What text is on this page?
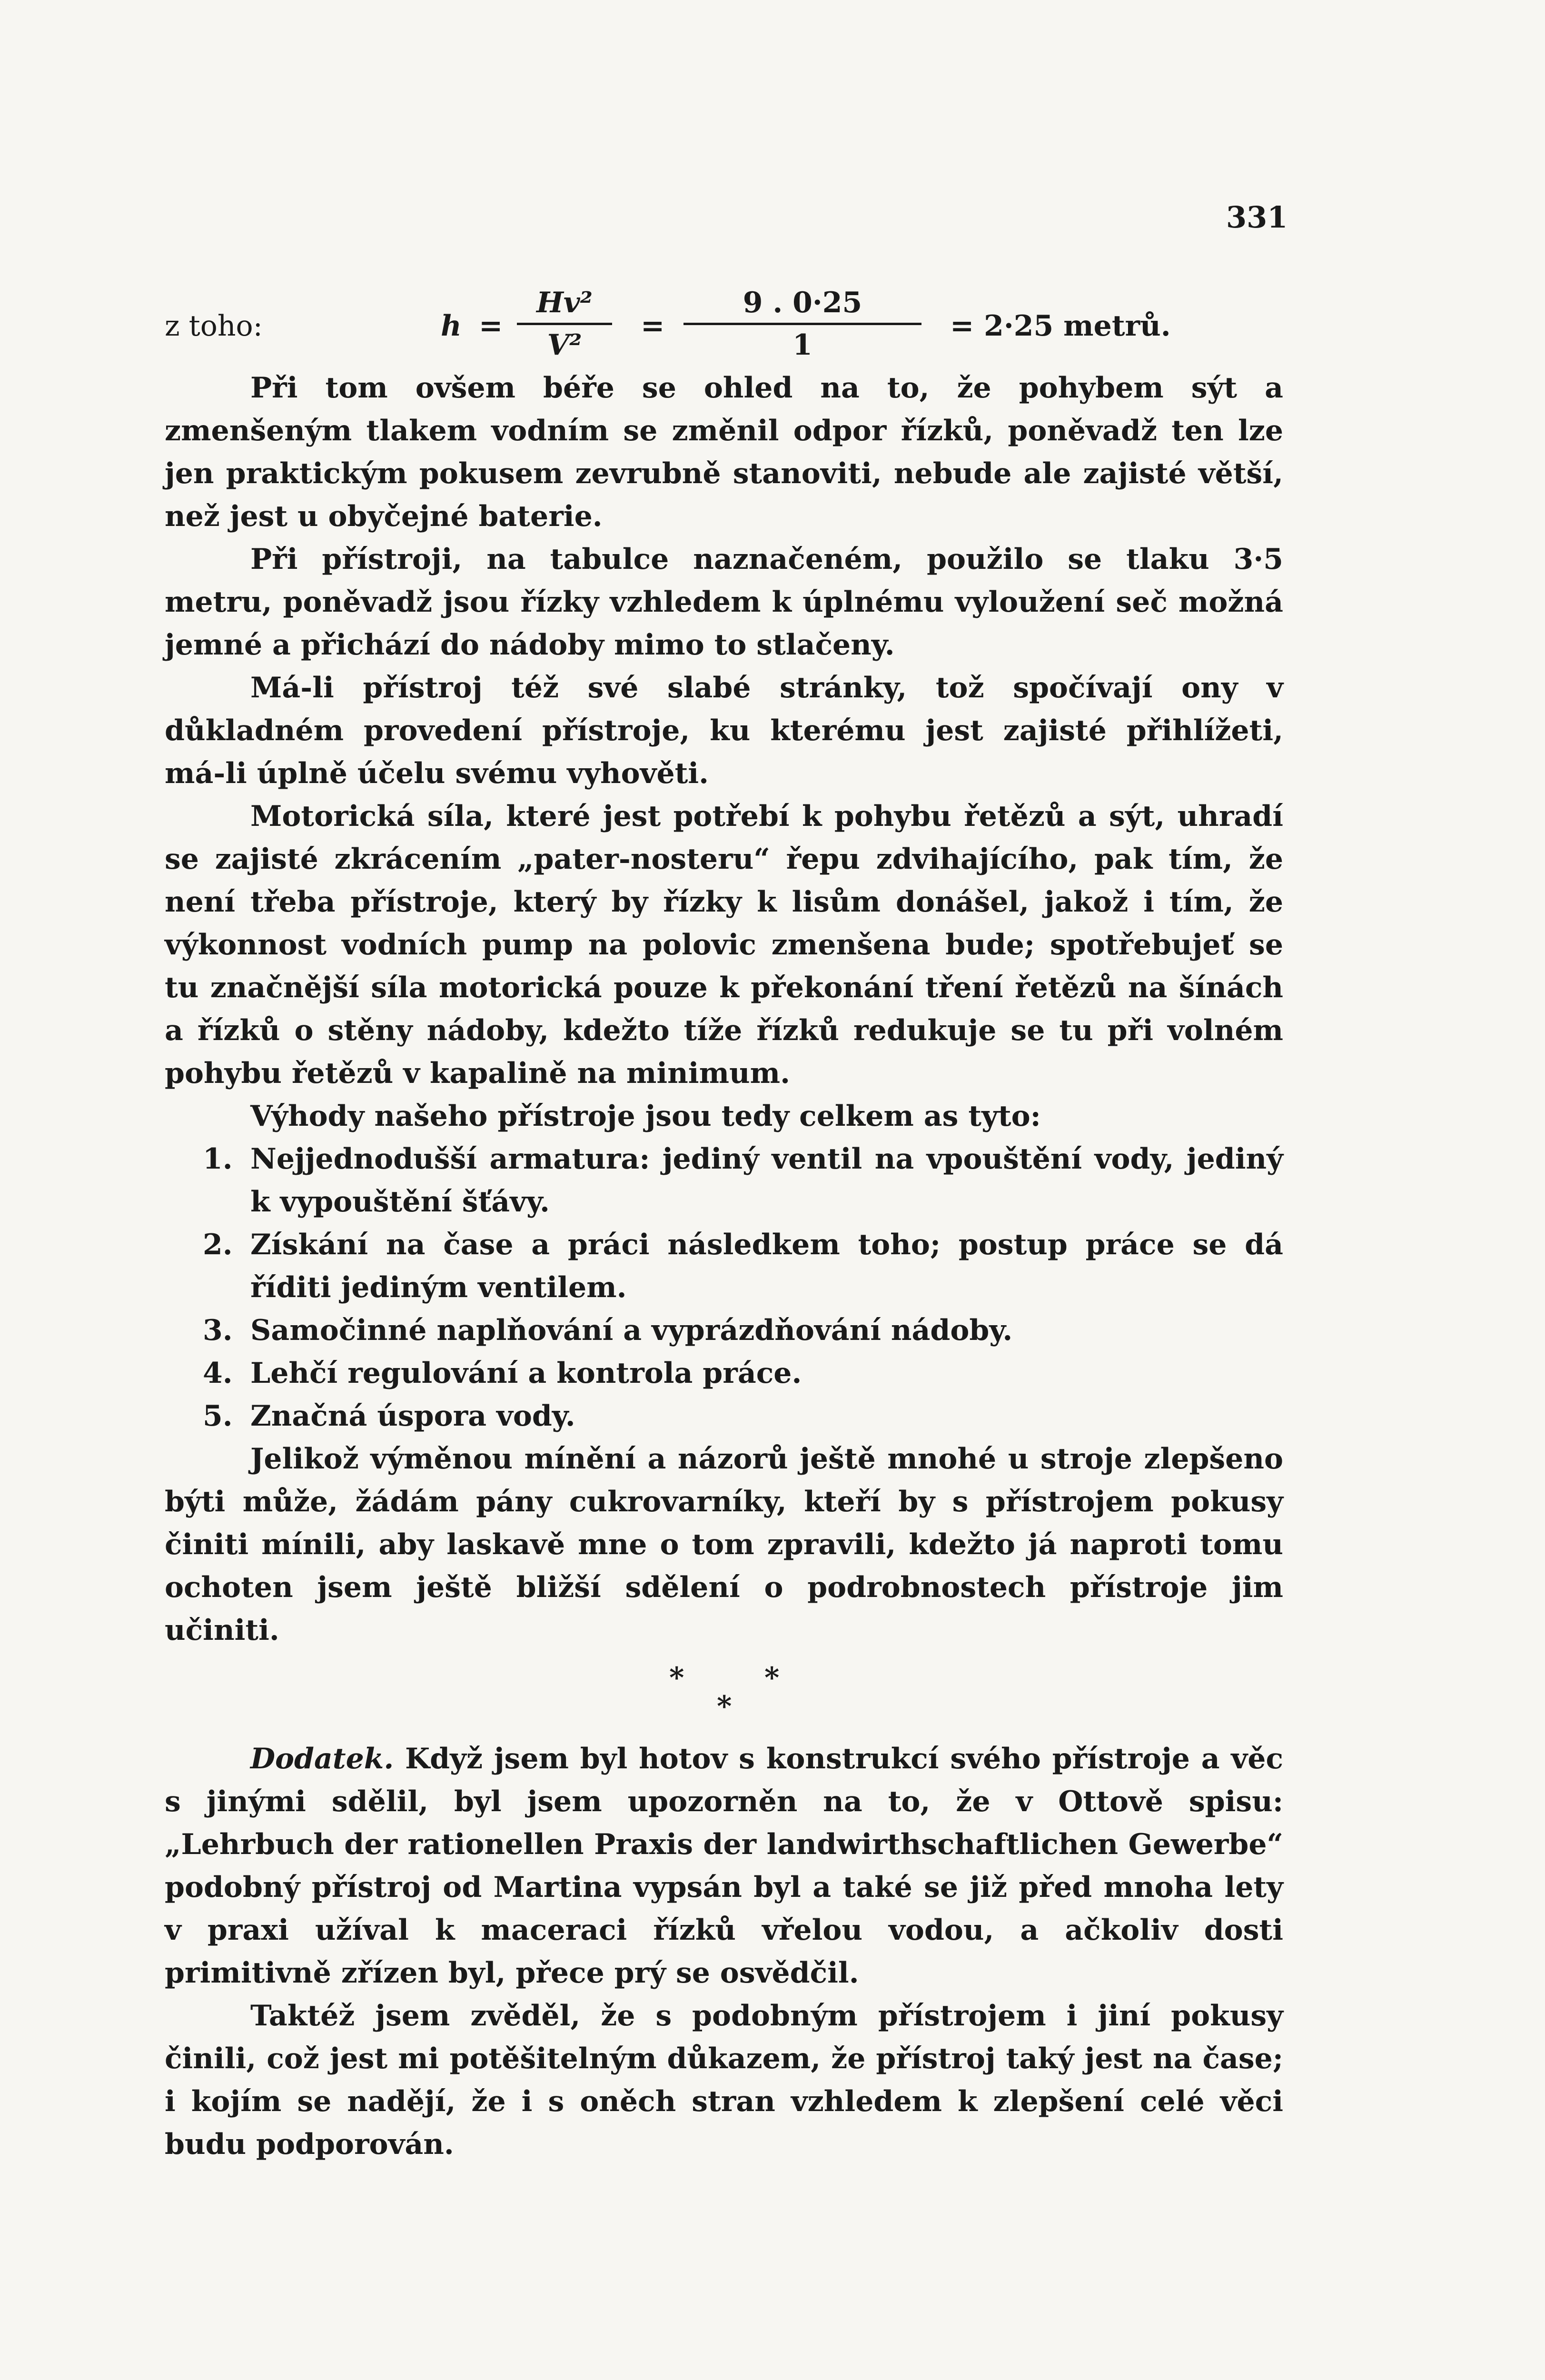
331
z toho:	h =
Hv²
V²
=
9 . 0·25
1
= 2·25 metrů.

Při tom ovšem béře se ohled na to, že pohybem sýt a zmenšeným tlakem vodním se změnil odpor řízků, poněvadž ten lze jen praktickým pokusem zevrubně stanoviti, nebude ale zajisté větší, než jest u obyčejné baterie.

Při přístroji, na tabulce naznačeném, použilo se tlaku 3·5 metru, poněvadž jsou řízky vzhledem k úplnému vyloužení seč možná jemné a přichází do nádoby mimo to stlačeny.

Má-li přístroj též své slabé stránky, tož spočívají ony v důkladném provedení přístroje, ku kterému jest zajisté přihlížeti, má-li úplně účelu svému vyhověti.

Motorická síla, které jest potřebí k pohybu řetězů a sýt, uhradí se zajisté zkrácením „pater-nosteru“ řepu zdvihajícího, pak tím, že není třeba přístroje, který by řízky k lisům donášel, jakož i tím, že výkonnost vodních pump na polovic zmenšena bude; spotřebujeť se tu značnější síla motorická pouze k překonání tření řetězů na šínách a řízků o stěny nádoby, kdežto tíže řízků redukuje se tu při volném pohybu řetězů v kapalině na minimum.

Výhody našeho přístroje jsou tedy celkem as tyto:

1. Nejjednodušší armatura: jediný ventil na vpouštění vody, jediný k vypouštění šťávy.
2. Získání na čase a práci následkem toho; postup práce se dá říditi jediným ventilem.
3. Samočinné naplňování a vyprázdňování nádoby.
4. Lehčí regulování a kontrola práce.
5. Značná úspora vody.

Jelikož výměnou mínění a názorů ještě mnohé u stroje zlepšeno býti může, žádám pány cukrovarníky, kteří by s přístrojem pokusy činiti mínili, aby laskavě mne o tom zpravili, kdežto já naproti tomu ochoten jsem ještě bližší sdělení o podrobnostech přístroje jim učiniti.

*	*
*

Dodatek. Když jsem byl hotov s konstrukcí svého přístroje a věc s jinými sdělil, byl jsem upozorněn na to, že v Ottově spisu: „Lehrbuch der rationellen Praxis der landwirthschaftlichen Gewerbe“ podobný přístroj od Martina vypsán byl a také se již před mnoha lety v praxi užíval k maceraci řízků vřelou vodou, a ačkoliv dosti primitivně zřízen byl, přece prý se osvědčil.

Taktéž jsem zvěděl, že s podobným přístrojem i jiní pokusy činili, což jest mi potěšitelným důkazem, že přístroj taký jest na čase; i kojím se nadějí, že i s oněch stran vzhledem k zlepšení celé věci budu podporován.
